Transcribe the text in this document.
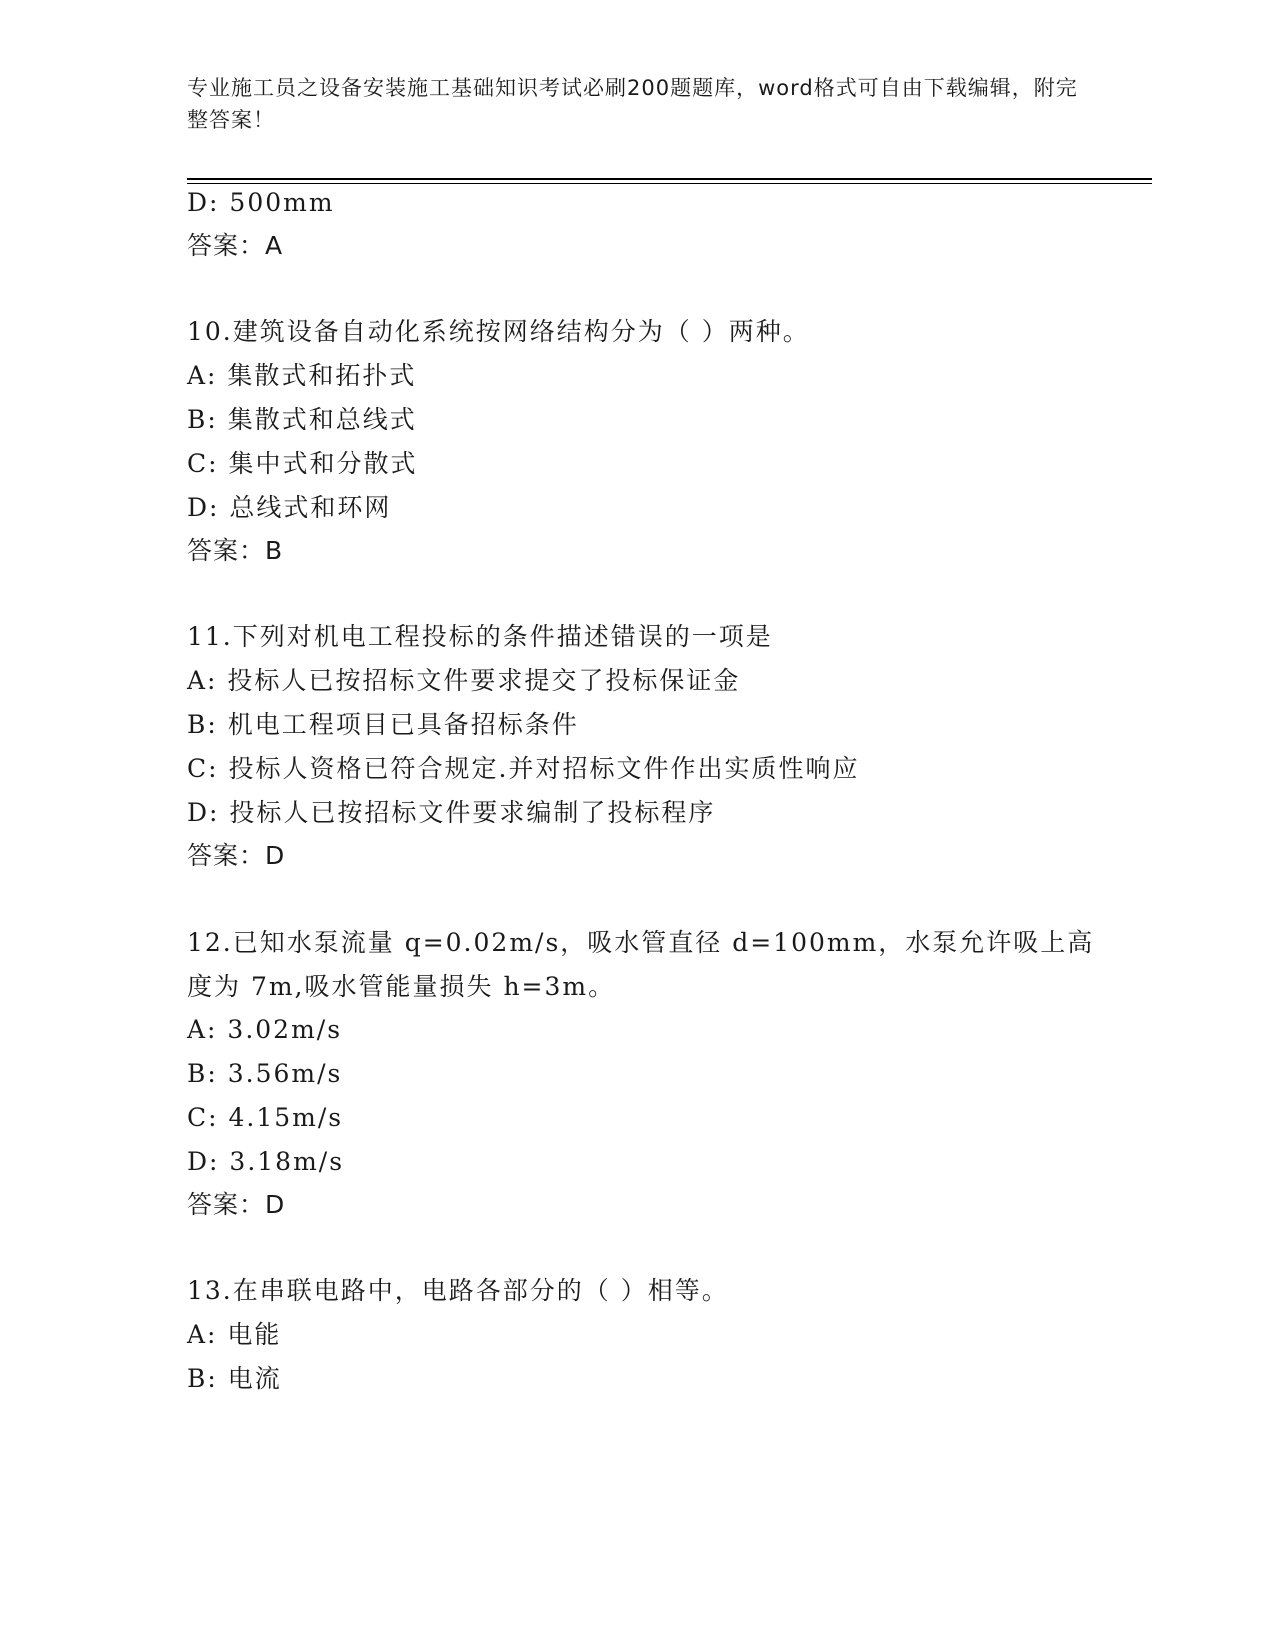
专业施工员之设备安装施工基础知识考试必刷200题题库，word格式可自由下载编辑，附完整答案！
D: 500mm
答案：A
10.建筑设备自动化系统按网络结构分为（ ）两种。
A: 集散式和拓扑式
B: 集散式和总线式
C: 集中式和分散式
D: 总线式和环网
答案：B
11.下列对机电工程投标的条件描述错误的一项是
A: 投标人已按招标文件要求提交了投标保证金
B: 机电工程项目已具备招标条件
C: 投标人资格已符合规定.并对招标文件作出实质性响应
D: 投标人已按招标文件要求编制了投标程序
答案：D
12.已知水泵流量 q=0.02m/s，吸水管直径 d=100mm，水泵允许吸上高
度为 7m,吸水管能量损失 h=3m。
A: 3.02m/s
B: 3.56m/s
C: 4.15m/s
D: 3.18m/s
答案：D
13.在串联电路中，电路各部分的（ ）相等。
A: 电能
B: 电流
